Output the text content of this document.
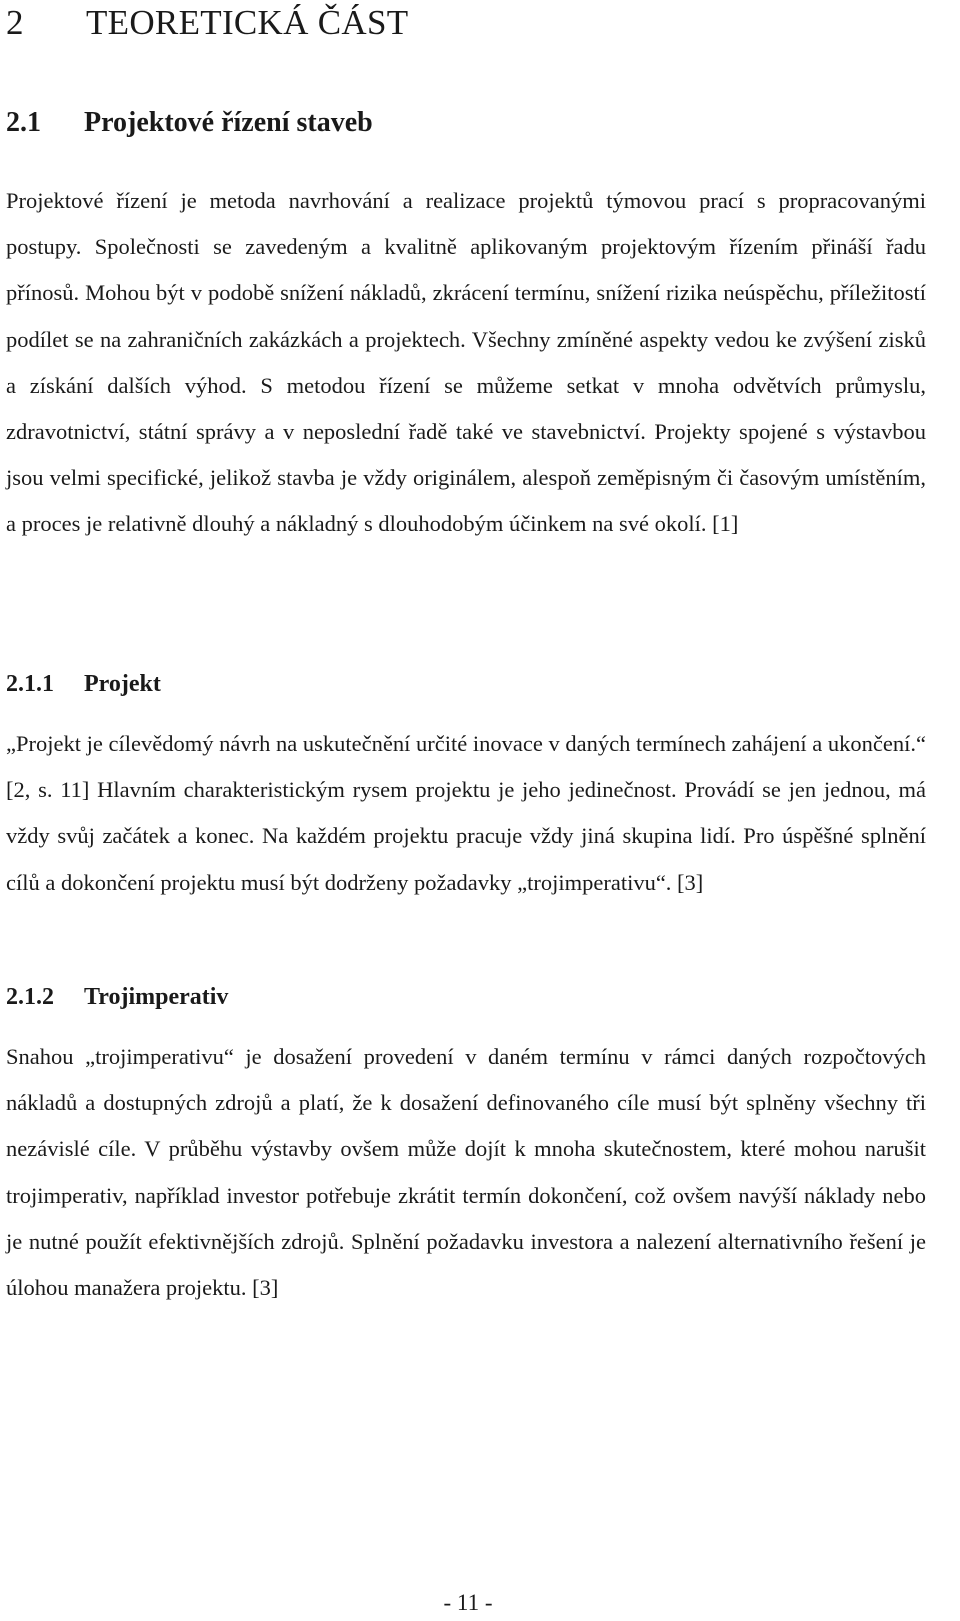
2 TEORETICKÁ ČÁST
2.1 Projektové řízení staveb

Projektové řízení je metoda navrhování a realizace projektů týmovou prací s propracovanými postupy. Společnosti se zavedeným a kvalitně aplikovaným projektovým řízením přináší řadu přínosů. Mohou být v podobě snížení nákladů, zkrácení termínu, snížení rizika neúspěchu, příležitostí podílet se na zahraničních zakázkách a projektech. Všechny zmíněné aspekty vedou ke zvýšení zisků a získání dalších výhod. S metodou řízení se můžeme setkat v mnoha odvětvích průmyslu, zdravotnictví, státní správy a v neposlední řadě také ve stavebnictví. Projekty spojené s výstavbou jsou velmi specifické, jelikož stavba je vždy originálem, alespoň zeměpisným či časovým umístěním, a proces je relativně dlouhý a nákladný s dlouhodobým účinkem na své okolí. [1]

2.1.1 Projekt

„Projekt je cílevědomý návrh na uskutečnění určité inovace v daných termínech zahájení a ukončení.“ [2, s. 11] Hlavním charakteristickým rysem projektu je jeho jedinečnost. Provádí se jen jednou, má vždy svůj začátek a konec. Na každém projektu pracuje vždy jiná skupina lidí. Pro úspěšné splnění cílů a dokončení projektu musí být dodrženy požadavky „trojimperativu“. [3]

2.1.2 Trojimperativ

Snahou „trojimperativu“ je dosažení provedení v daném termínu v rámci daných rozpočtových nákladů a dostupných zdrojů a platí, že k dosažení definovaného cíle musí být splněny všechny tři nezávislé cíle. V průběhu výstavby ovšem může dojít k mnoha skutečnostem, které mohou narušit trojimperativ, například investor potřebuje zkrátit termín dokončení, což ovšem navýší náklady nebo je nutné použít efektivnějších zdrojů. Splnění požadavku investora a nalezení alternativního řešení je úlohou manažera projektu. [3]

- 11 -
